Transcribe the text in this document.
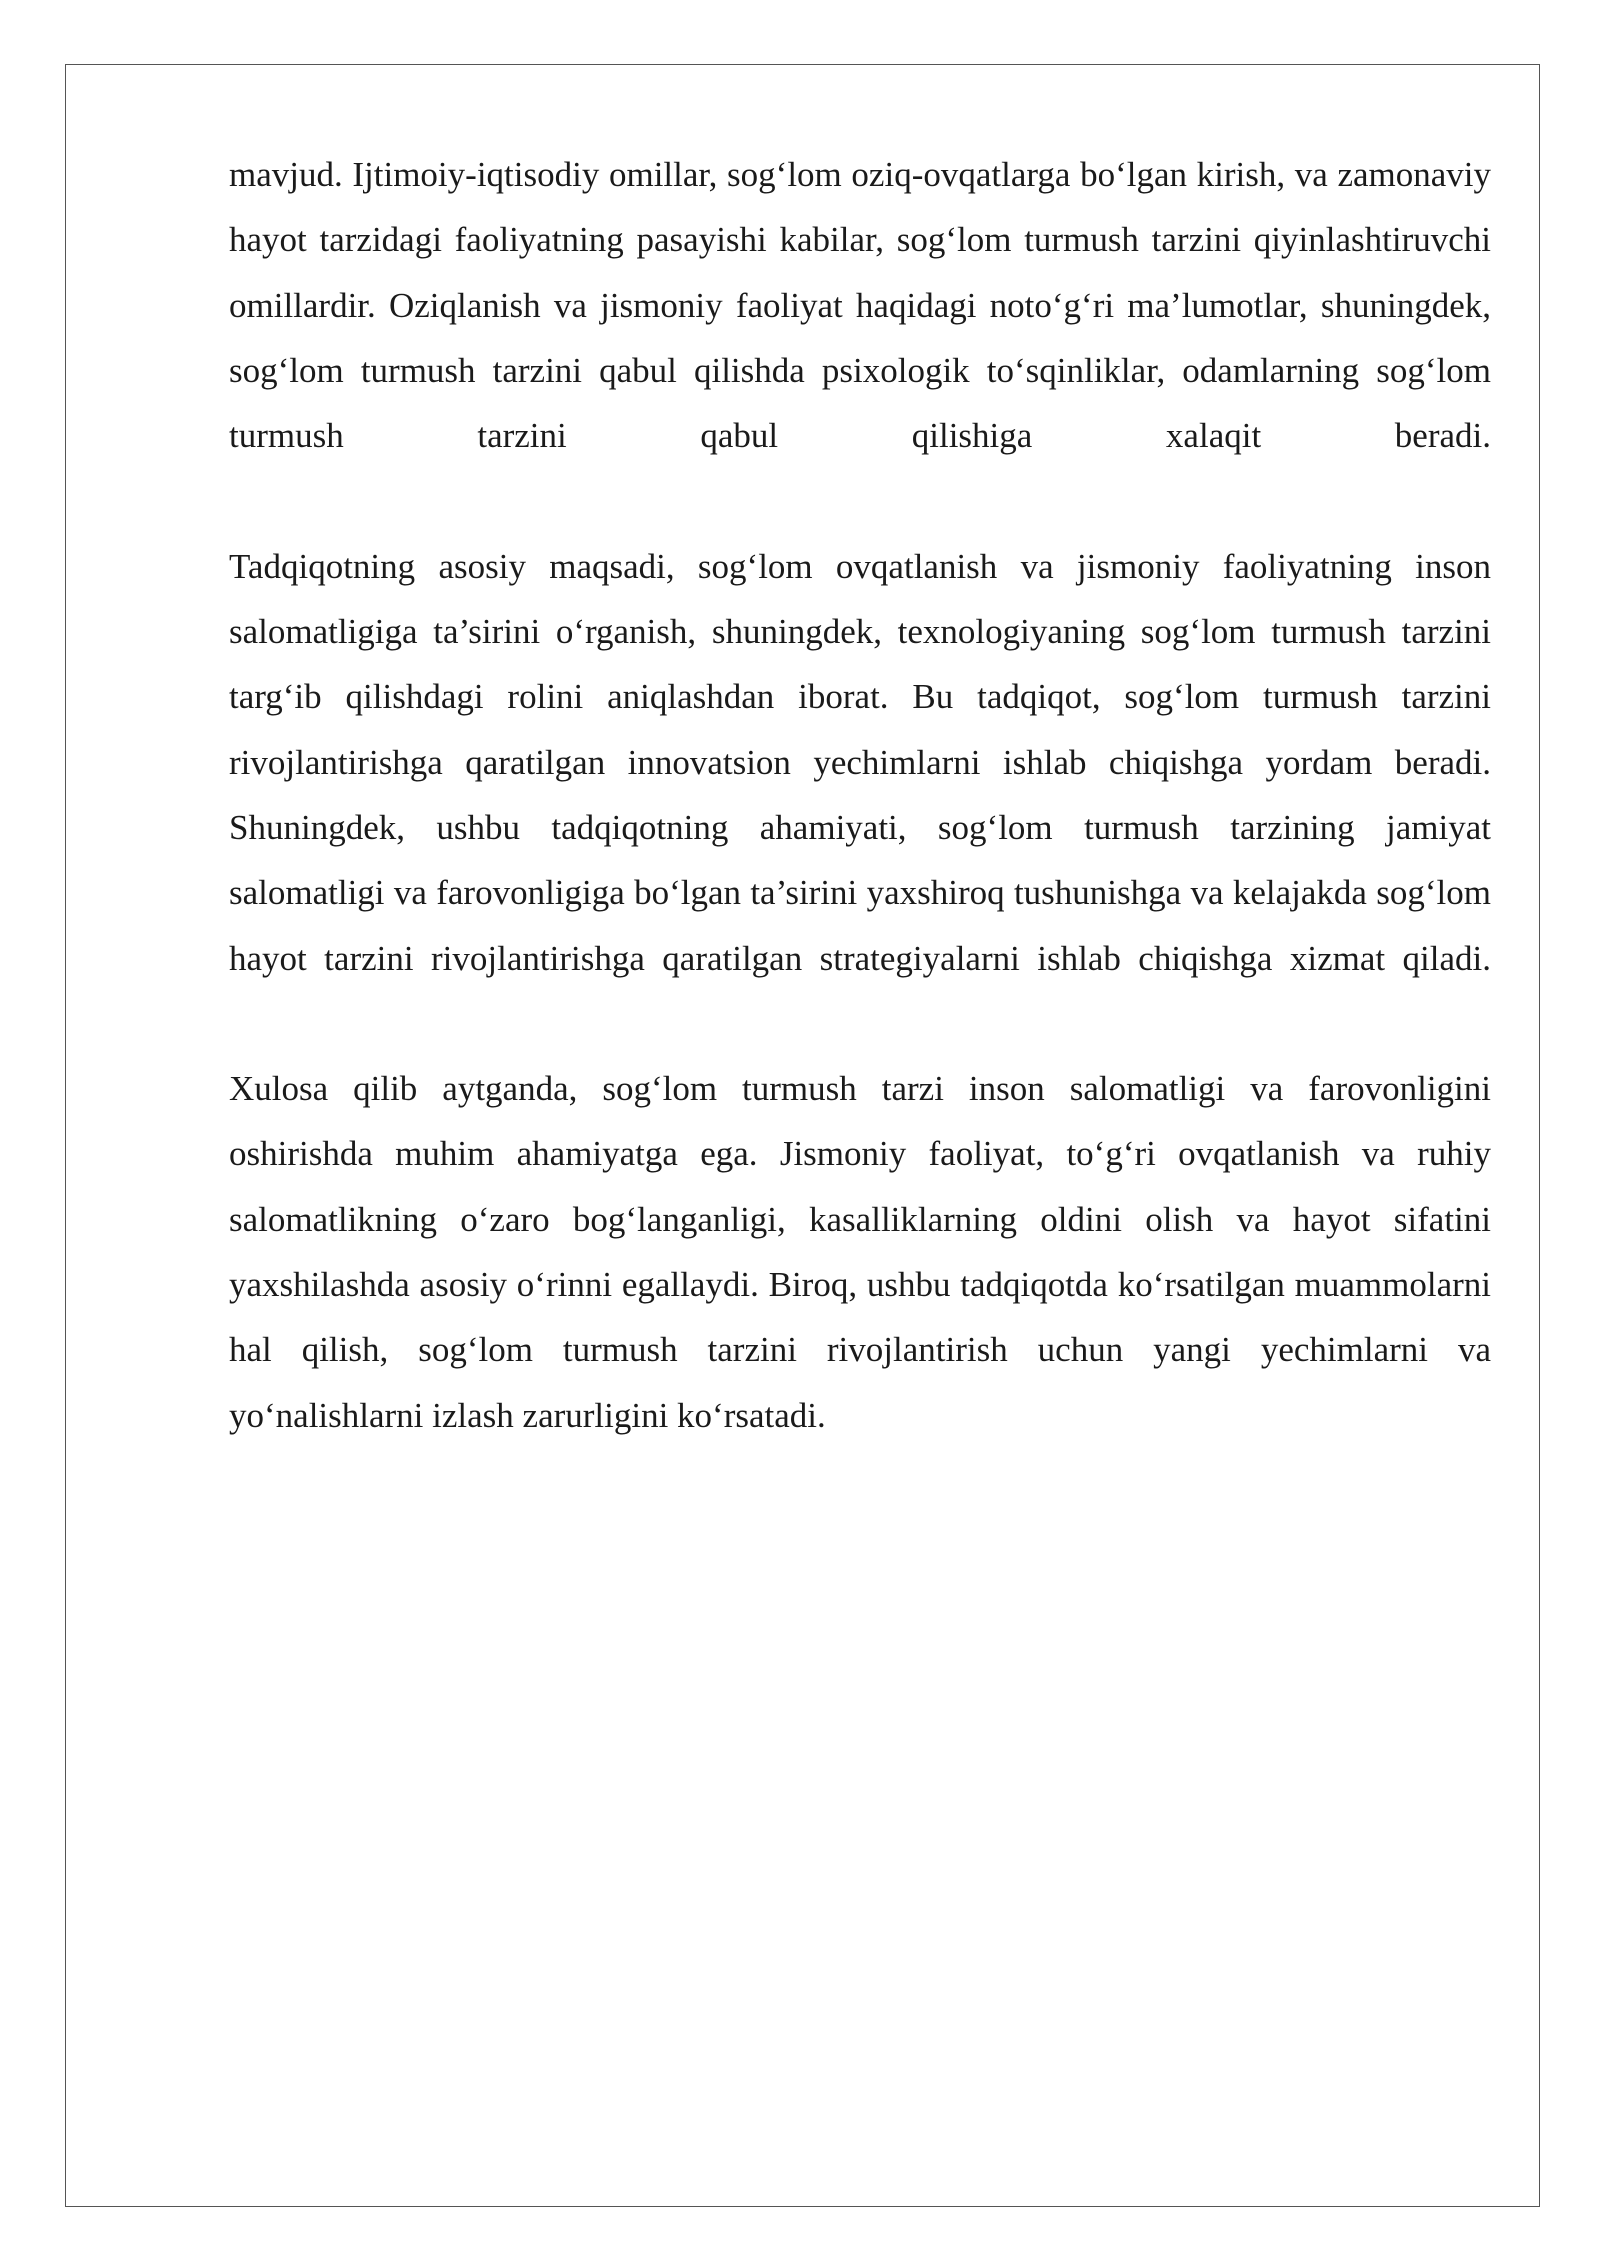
mavjud. Ijtimoiy-iqtisodiy omillar, sog‘lom oziq-ovqatlarga bo‘lgan kirish, va zamonaviy hayot tarzidagi faoliyatning pasayishi kabilar, sog‘lom turmush tarzini qiyinlashtiruvchi omillardir. Oziqlanish va jismoniy faoliyat haqidagi noto‘g‘ri ma’lumotlar, shuningdek, sog‘lom turmush tarzini qabul qilishda psixologik to‘sqinliklar, odamlarning sog‘lom turmush tarzini qabul qilishiga xalaqit beradi.

Tadqiqotning asosiy maqsadi, sog‘lom ovqatlanish va jismoniy faoliyatning inson salomatligiga ta’sirini o‘rganish, shuningdek, texnologiyaning sog‘lom turmush tarzini targ‘ib qilishdagi rolini aniqlashdan iborat. Bu tadqiqot, sog‘lom turmush tarzini rivojlantirishga qaratilgan innovatsion yechimlarni ishlab chiqishga yordam beradi. Shuningdek, ushbu tadqiqotning ahamiyati, sog‘lom turmush tarzining jamiyat salomatligi va farovonligiga bo‘lgan ta’sirini yaxshiroq tushunishga va kelajakda sog‘lom hayot tarzini rivojlantirishga qaratilgan strategiyalarni ishlab chiqishga xizmat qiladi.

Xulosa qilib aytganda, sog‘lom turmush tarzi inson salomatligi va farovonligini oshirishda muhim ahamiyatga ega. Jismoniy faoliyat, to‘g‘ri ovqatlanish va ruhiy salomatlikning o‘zaro bog‘langanligi, kasalliklarning oldini olish va hayot sifatini yaxshilashda asosiy o‘rinni egallaydi. Biroq, ushbu tadqiqotda ko‘rsatilgan muammolarni hal qilish, sog‘lom turmush tarzini rivojlantirish uchun yangi yechimlarni va yo‘nalishlarni izlash zarurligini ko‘rsatadi.
